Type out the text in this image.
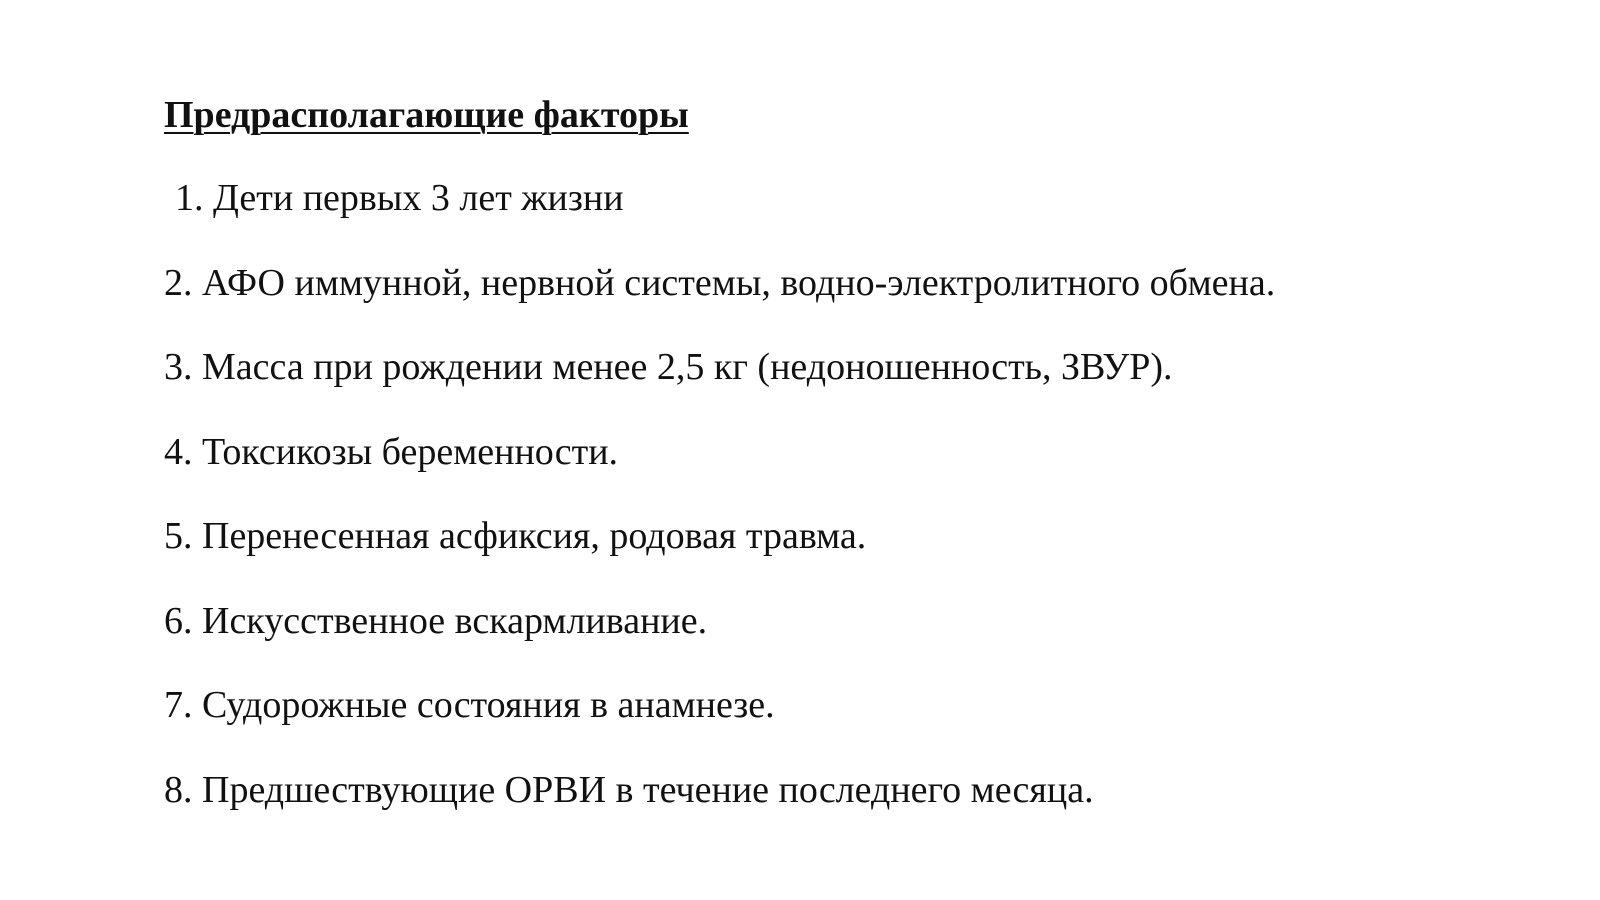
Предрасполагающие факторы
1. Дети первых 3 лет жизни
2. АФО иммунной, нервной системы, водно-электролитного обмена.
3. Масса при рождении менее 2,5 кг (недоношенность, ЗВУР).
4. Токсикозы беременности.
5. Перенесенная асфиксия, родовая травма.
6. Искусственное вскармливание.
7. Судорожные состояния в анамнезе.
8. Предшествующие ОРВИ в течение последнего месяца.
